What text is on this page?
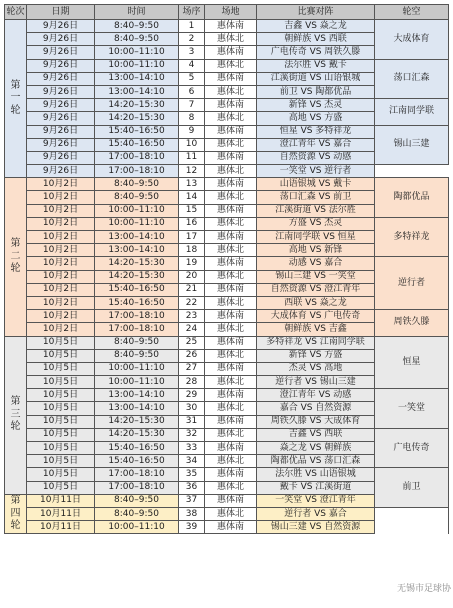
轮次	日期	时间	场序	场地	比赛对阵	轮空	
第
一
轮	9月26日	8:40–9:50	1	惠体南	吉鑫 VS 焱之龙	大成体育	
	9月26日	8:40–9:50	2	惠体北	朝鲜族 VS 西联		
	9月26日	10:00–11:10	3	惠体南	广电传奇 VS 周铁久滕		
	9月26日	10:00–11:10	4	惠体北	法尔胜 VS 戴卡	荡口汇森	
	9月26日	13:00–14:10	5	惠体南	江溪街道 VS 山语银城		
	9月26日	13:00–14:10	6	惠体北	前卫 VS 陶都优品		
	9月26日	14:20–15:30	7	惠体南	新锋 VS 杰灵	江南同学联	
	9月26日	14:20–15:30	8	惠体北	高地 VS 方盛		
	9月26日	15:40–16:50	9	惠体南	恒星 VS 多特祥龙	锡山三建	
	9月26日	15:40–16:50	10	惠体北	澄江青年 VS 嘉合		
	9月26日	17:00–18:10	11	惠体南	自然资源 VS 动感		
	9月26日	17:00–18:10	12	惠体北	一笑堂 VS 逆行者		
第
二
轮	10月2日	8:40–9:50	13	惠体南	山语银城 VS 戴卡	陶都优品	
	10月2日	8:40–9:50	14	惠体北	荡口汇森 VS 前卫		
	10月2日	10:00–11:10	15	惠体南	江溪街道 VS 法尔胜		
	10月2日	10:00–11:10	16	惠体北	方盛 VS 杰灵	多特祥龙	
	10月2日	13:00–14:10	17	惠体南	江南同学联 VS 恒星		
	10月2日	13:00–14:10	18	惠体北	高地 VS 新锋		
	10月2日	14:20–15:30	19	惠体南	动感 VS 嘉合	逆行者	
	10月2日	14:20–15:30	20	惠体北	锡山三建 VS 一笑堂		
	10月2日	15:40–16:50	21	惠体南	自然资源 VS 澄江青年		
	10月2日	15:40–16:50	22	惠体北	西联 VS 焱之龙		
	10月2日	17:00–18:10	23	惠体南	大成体育 VS 广电传奇	周铁久滕	
	10月2日	17:00–18:10	24	惠体北	朝鲜族 VS 吉鑫		
第
三
轮	10月5日	8:40–9:50	25	惠体南	多特祥龙 VS 江南同学联	恒星	
	10月5日	8:40–9:50	26	惠体北	新锋 VS 方盛		
	10月5日	10:00–11:10	27	惠体南	杰灵 VS 高地		
	10月5日	10:00–11:10	28	惠体北	逆行者 VS 锡山三建		
	10月5日	13:00–14:10	29	惠体南	澄江青年 VS 动感	一笑堂	
	10月5日	13:00–14:10	30	惠体北	嘉合 VS 自然资源		
	10月5日	14:20–15:30	31	惠体南	周铁久滕 VS 大成体育		
	10月5日	14:20–15:30	32	惠体北	吉鑫 VS 西联	广电传奇	
	10月5日	15:40–16:50	33	惠体南	焱之龙 VS 朝鲜族		
	10月5日	15:40–16:50	34	惠体北	陶都优品 VS 荡口汇森		
	10月5日	17:00–18:10	35	惠体南	法尔胜 VS 山语银城	前卫	
	10月5日	17:00–18:10	36	惠体北	戴卡 VS 江溪街道		
第
四
轮	10月11日	8:40–9:50	37	惠体南	一笑堂 VS 澄江青年		
	10月11日	8:40–9:50	38	惠体北	逆行者 VS 嘉合		
	10月11日	10:00–11:10	39	惠体南	锡山三建 VS 自然资源		
无锡市足球协
